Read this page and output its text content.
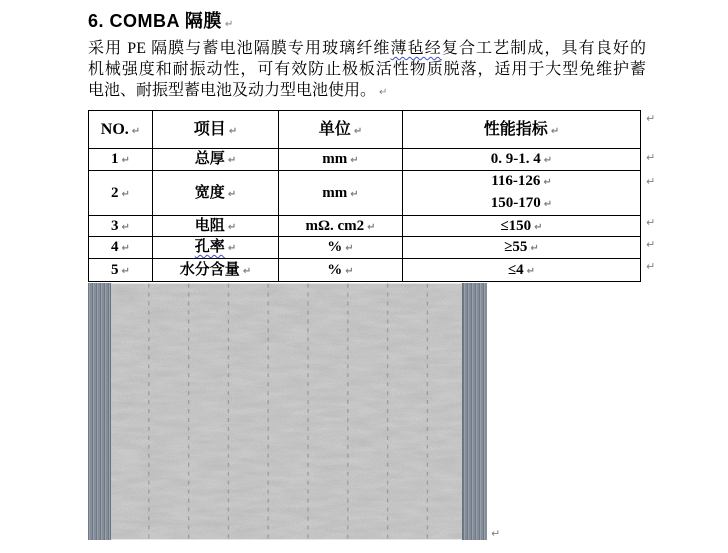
6. COMBA 隔膜 ↵
采用 PE 隔膜与蓄电池隔膜专用玻璃纤维薄毡经复合工艺制成，具有良好的
机械强度和耐振动性，可有效防止极板活性物质脱落，适用于大型免维护蓄
电池、耐振型蓄电池及动力型电池使用。 ↵
NO. ↵	项目 ↵	单位 ↵	性能指标 ↵
1 ↵	总厚 ↵	mm ↵	0. 9-1. 4 ↵
2 ↵	宽度 ↵	mm ↵	116-126 ↵
150-170 ↵

3 ↵	电阻 ↵	mΩ. cm2 ↵	≤150 ↵
4 ↵	孔率 ↵	% ↵	≥55 ↵
5 ↵	水分含量 ↵	% ↵	≤4 ↵
↵
↵
↵
↵
↵
↵
↵
